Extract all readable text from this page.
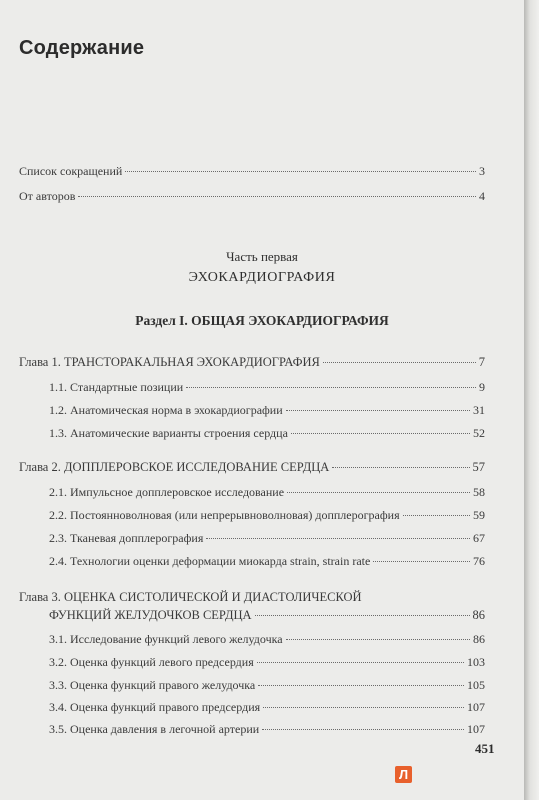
Содержание
Список сокращений	3
От авторов	4
Часть первая
ЭХОКАРДИОГРАФИЯ
Раздел I. ОБЩАЯ ЭХОКАРДИОГРАФИЯ
Глава 1. ТРАНСТОРАКАЛЬНАЯ ЭХОКАРДИОГРАФИЯ	7
1.1. Стандартные позиции	9
1.2. Анатомическая норма в эхокардиографии	31
1.3. Анатомические варианты строения сердца	52
Глава 2. ДОППЛЕРОВСКОЕ ИССЛЕДОВАНИЕ СЕРДЦА	57
2.1. Импульсное допплеровское исследование	58
2.2. Постоянноволновая (или непрерывноволновая) допплерография	59
2.3. Тканевая допплерография	67
2.4. Технологии оценки деформации миокарда strain, strain rate	76
Глава 3. ОЦЕНКА СИСТОЛИЧЕСКОЙ И ДИАСТОЛИЧЕСКОЙ
ФУНКЦИЙ ЖЕЛУДОЧКОВ СЕРДЦА	86
3.1. Исследование функций левого желудочка	86
3.2. Оценка функций левого предсердия	103
3.3. Оценка функций правого желудочка	105
3.4. Оценка функций правого предсердия	107
3.5. Оценка давления в легочной артерии	107
451
Л
